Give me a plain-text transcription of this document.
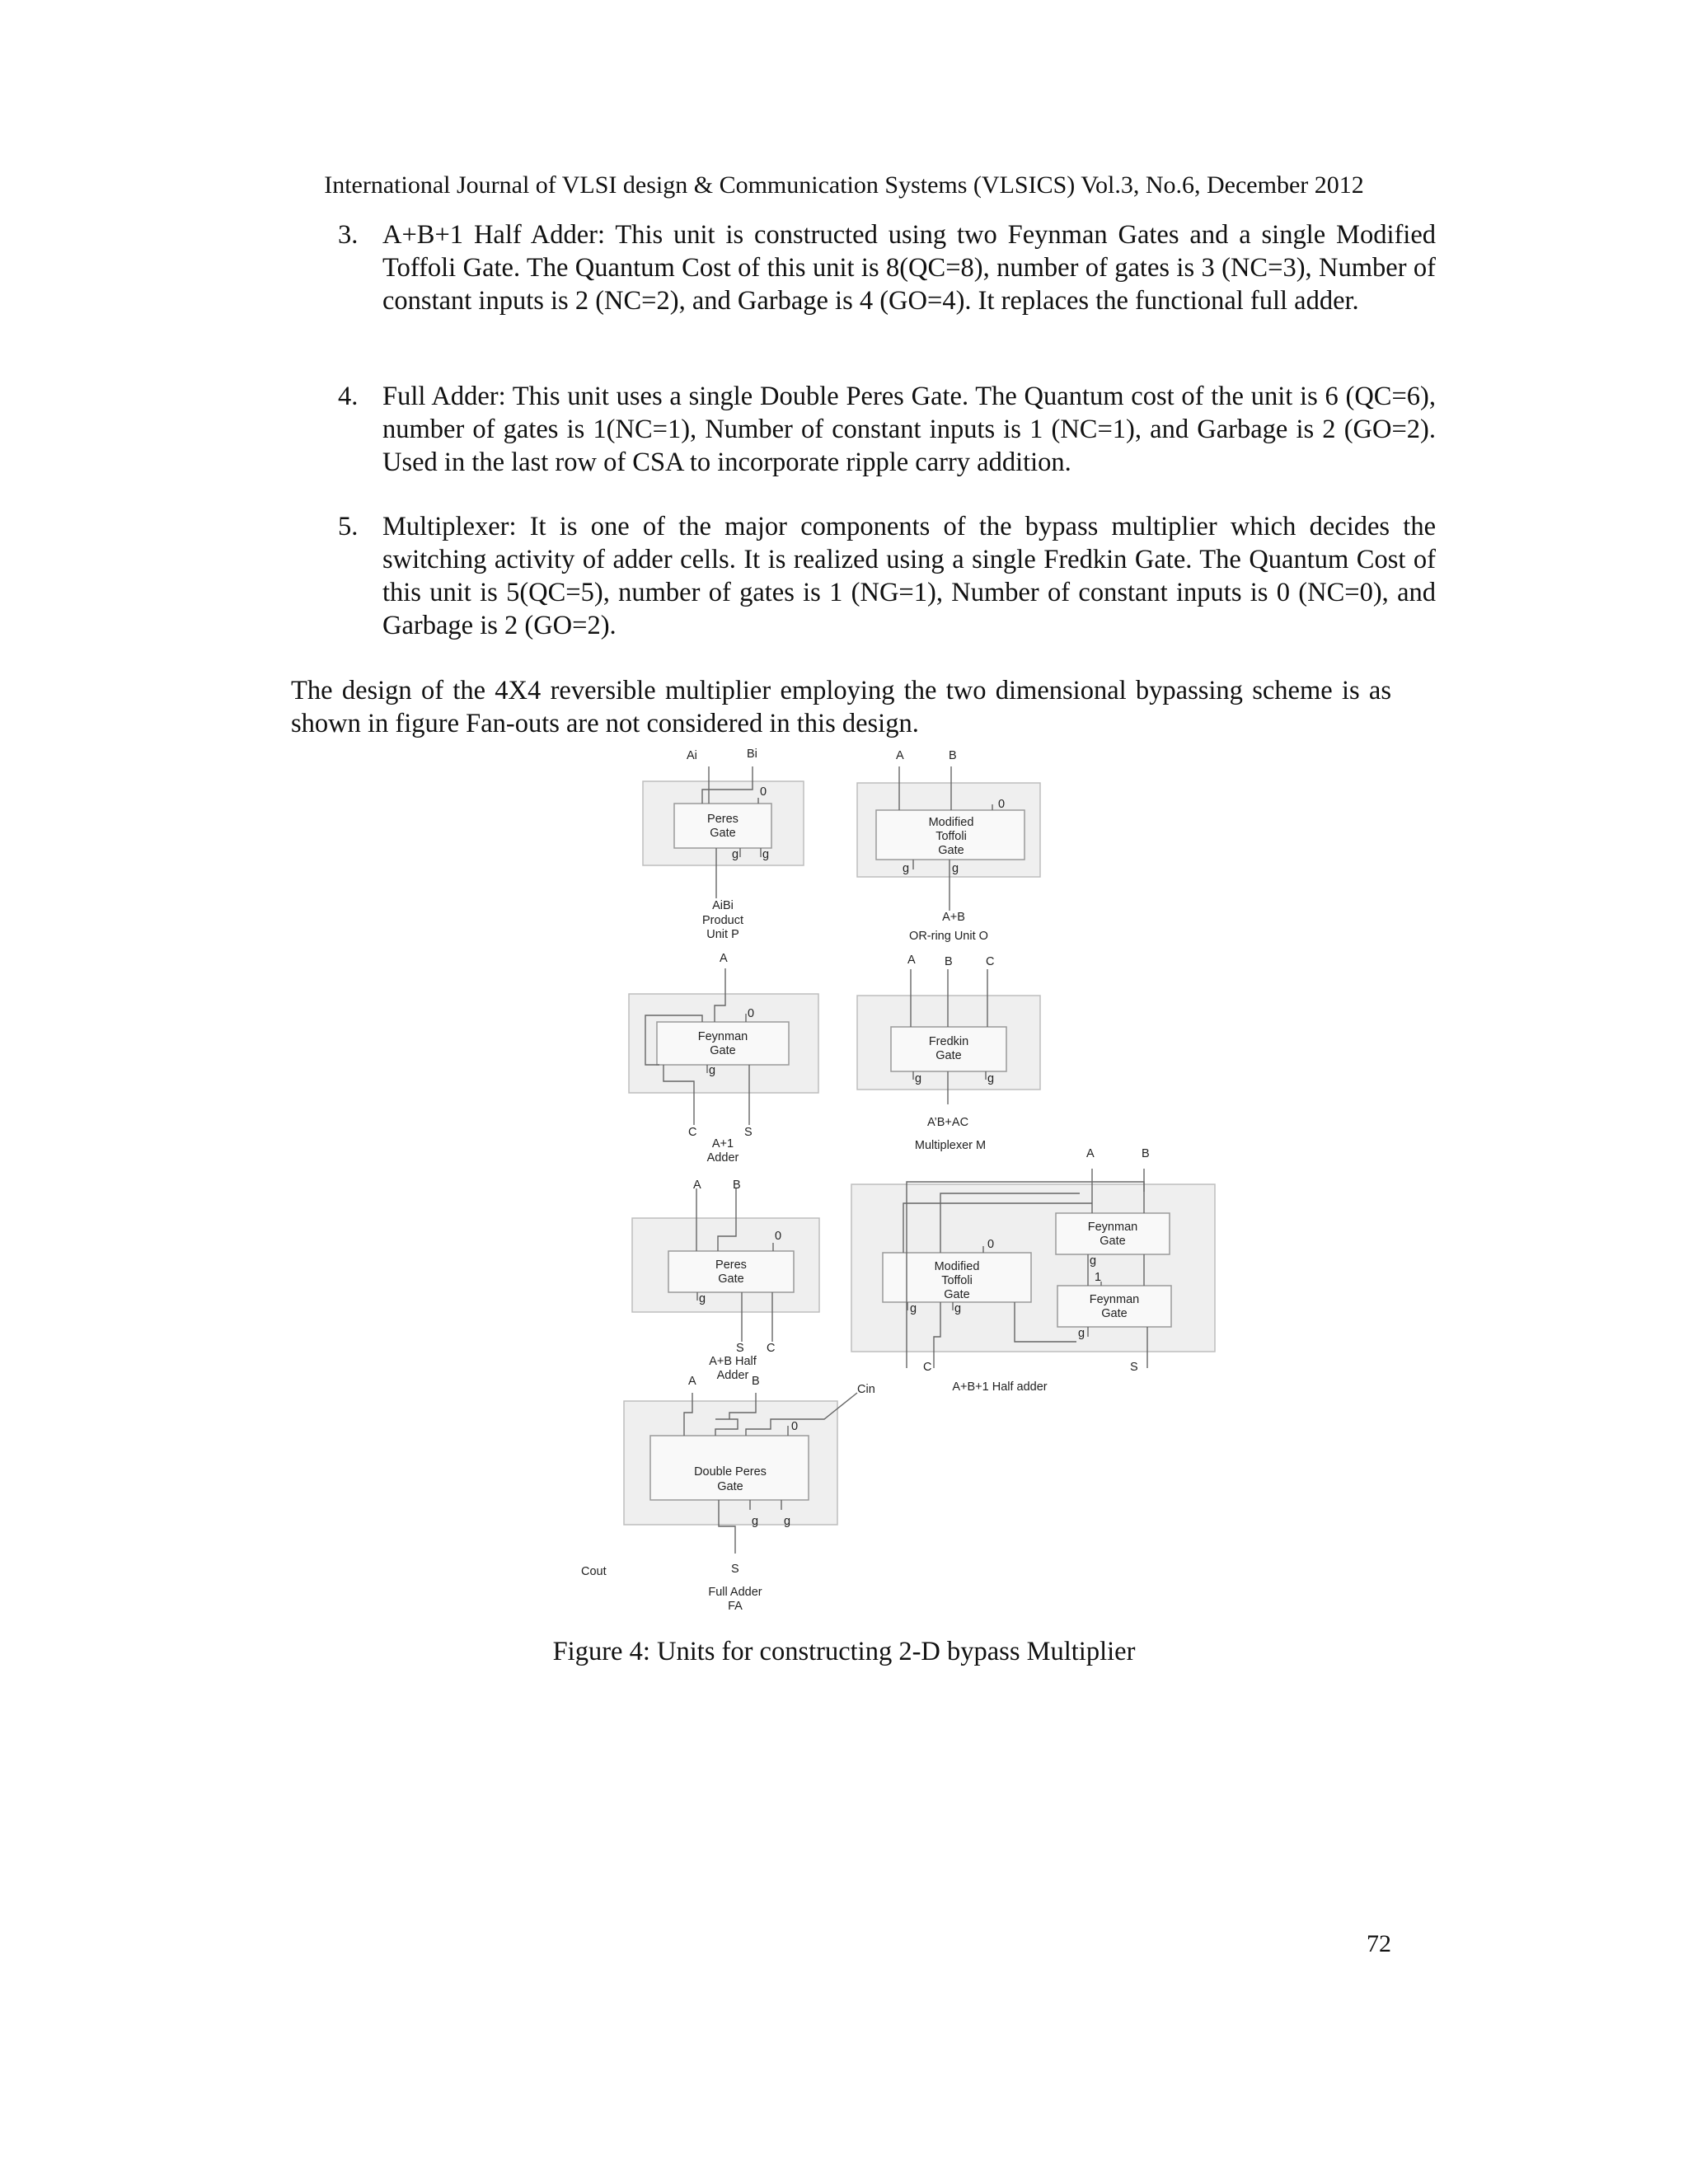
International Journal of VLSI design & Communication Systems (VLSICS) Vol.3, No.6, December 2012
3. A+B+1 Half Adder: This unit is constructed using two Feynman Gates and a single Modified Toffoli Gate. The Quantum Cost of this unit is 8(QC=8), number of gates is 3 (NC=3), Number of constant inputs is 2 (NC=2), and Garbage is 4 (GO=4). It replaces the functional full adder.
4. Full Adder: This unit uses a single Double Peres Gate. The Quantum cost of the unit is 6 (QC=6), number of gates is 1(NC=1), Number of constant inputs is 1 (NC=1), and Garbage is 2 (GO=2). Used in the last row of CSA to incorporate ripple carry addition.
5. Multiplexer: It is one of the major components of the bypass multiplier which decides the switching activity of adder cells. It is realized using a single Fredkin Gate. The Quantum Cost of this unit is 5(QC=5), number of gates is 1 (NG=1), Number of constant inputs is 0 (NC=0), and Garbage is 2 (GO=2).
The design of the 4X4 reversible multiplier employing the two dimensional bypassing scheme is as shown in figure Fan-outs are not considered in this design.
Ai	Bi
0
Peres
Gate
g g
AiBi
Product
Unit P
A	B
0
Modified
Toffoli
Gate
g	g
A+B
OR-ring Unit O
A
0
Feynman
Gate
g
C	S
A+1
Adder
A B	C
Fredkin
Gate
g	g
A’B+AC
Multiplexer M
A	B
0
Peres
Gate
g
S C
A+B Half
Adder
A	B
0
Modified
Toffoli
Gate
Feynman
Gate
Feynman
Gate
g
1
g	g
g
C	S
A+B+1 Half adder
A	B
Cin
0
Double Peres
Gate
g g
Cout	S
Full Adder
FA
Figure 4: Units for constructing 2-D bypass Multiplier
72
